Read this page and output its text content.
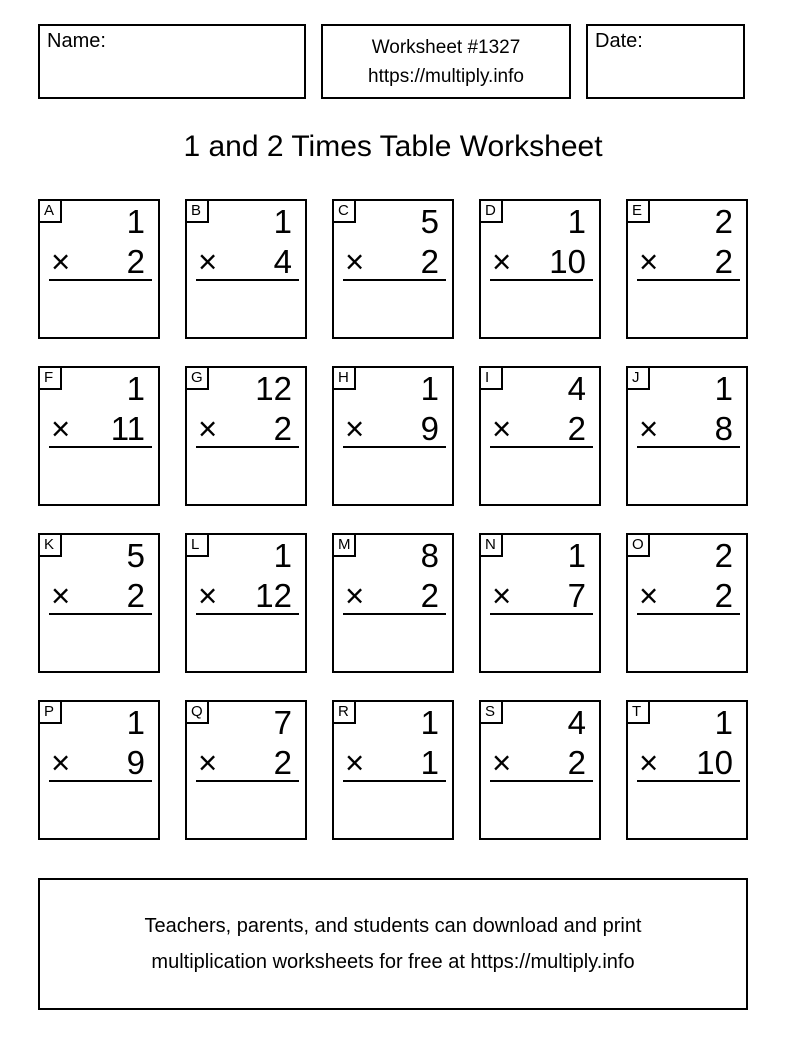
Name:	Worksheet #1327
https://multiply.info
Date:
1 and 2 Times Table Worksheet
A 1
× 2
B 1
× 4
C 5
× 2
D 1
× 10
E 2
× 2
F 1
× 11
G 12
× 2
H 1
× 9
I	4
× 2
J	1
× 8
K 5
× 2
L 1
× 12
M 8
× 2
N 1
× 7
O 2
× 2
P 1
× 9
Q 7
× 2
R 1
× 1
S 4
× 2
T 1
× 10
Teachers, parents, and students can download and print
multiplication worksheets for free at https://multiply.info
